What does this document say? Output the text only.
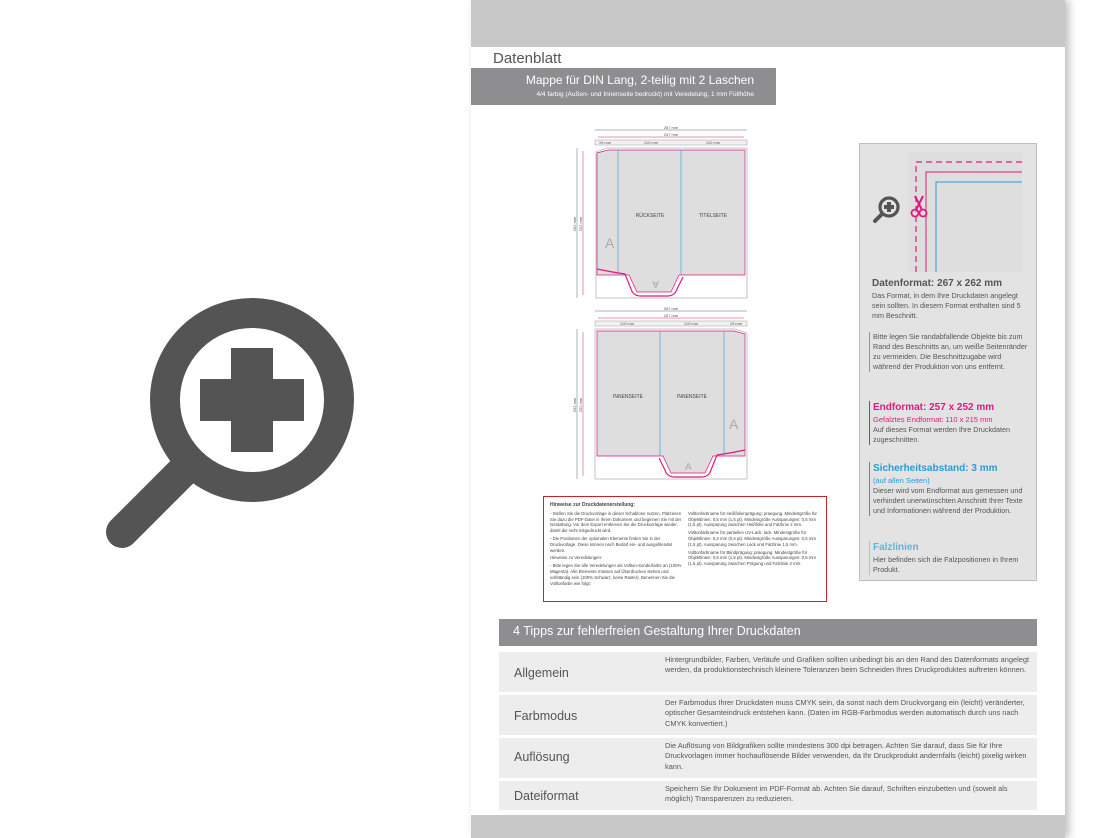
Datenblatt
Mappe für DIN Lang, 2-teilig mit 2 Laschen
4/4 farbig (Außen- und Innenseite bedruckt) mit Veredelung, 1 mm Füllhöhe
267 mm
257 mm
19 mm	110 mm	110 mm
262 mm 252 mm
RÜCKSEITE	TITELSEITE
A
A
267 mm
257 mm
110 mm	110 mm	19 mm
262 mm 252 mm
INNENSEITE	INNENSEITE
A
A
Hinweise zur Druckdatenerstellung:

- Stellen Sie die Druckvorlage in dieser Schablone nutzen. Platzieren Sie dazu die PDF-Datei in Ihrem Dokument und beginnen Sie mit der Gestaltung. Vor dem Export entfernen Sie die Druckvorlage wieder, damit die nicht mitgedruckt wird.

- Die Positionen der optionalen Elemente finden Sie in der Druckvorlage. Diese können nach Bedarf ein- und ausgeblendet werden.

Hinweise zu Veredelungen:

- Bitte legen Sie alle Veredelungen als Vollton-Sonderfarbe an (100% Magenta). Alle Elemente müssen auf Überdrucken stehen und vollständig sein (100% Schwarz, keine Raster). Benennen Sie die Volltonfarbe wie folgt:

Volltonfarbname für Heißfolienprägung: praegung. Mindestgröße für Objektlinien: 0,5 mm (1,5 pt). Mindestgröße Aussparungen: 0,5 mm (1,5 pt). Aussparung zwischen Heißfolie und Falzlinie 2 mm.

Volltonfarbname für partiellen UV-Lack: lack. Mindestgröße für Objektlinien: 0,2 mm (0,6 pt). Mindestgröße Aussparungen: 0,5 mm (1,5 pt). Aussparung zwischen Lack und Falzlinie 1,5 mm.

Volltonfarbname für Blindprägung: praegung. Mindestgröße für Objektlinien: 0,5 mm (1,5 pt). Mindestgröße Aussparungen: 0,5 mm (1,5 pt). Aussparung zwischen Prägung und Falzlinie 2 mm.

Datenformat: 267 x 262 mm
Das Format, in dem Ihre Druckdaten angelegt sein sollten. In diesem Format enthalten sind 5 mm Beschnitt.
Bitte legen Sie randabfallende Objekte bis zum Rand des Beschnitts an, um weiße Seitenränder zu vermeiden. Die Beschnittzugabe wird während der Produktion von uns entfernt.
Endformat: 257 x 252 mm
Gefalztes Endformat: 110 x 215 mm
Auf dieses Format werden Ihre Druckdaten zugeschnitten.
Sicherheitsabstand: 3 mm
(auf allen Seiten)
Dieser wird vom Endformat aus gemessen und verhindert unerwünschten Anschnitt Ihrer Texte und Informationen während der Produktion.
Falzlinien
Hier befinden sich die Falzpositionen in Ihrem Produkt.
4 Tipps zur fehlerfreien Gestaltung Ihrer Druckdaten
Allgemein
Hintergrundbilder, Farben, Verläufe und Grafiken sollten unbedingt bis an den Rand des Datenformats angelegt werden, da produktionstechnisch kleinere Toleranzen beim Schneiden Ihres Druckproduktes auftreten können.
Farbmodus
Der Farbmodus Ihrer Druckdaten muss CMYK sein, da sonst nach dem Druckvorgang ein (leicht) veränderter, optischer Gesamteindruck entstehen kann. (Daten im RGB-Farbmodus werden automatisch durch uns nach CMYK konvertiert.)
Auflösung
Die Auflösung von Bildgrafiken sollte mindestens 300 dpi betragen. Achten Sie darauf, dass Sie für Ihre Druckvorlagen immer hochauflösende Bilder verwenden, da Ihr Druckprodukt andernfalls (leicht) pixelig wirken kann.
Dateiformat
Speichern Sie Ihr Dokument im PDF-Format ab. Achten Sie darauf, Schriften einzubetten und (soweit als möglich) Transparenzen zu reduzieren.
